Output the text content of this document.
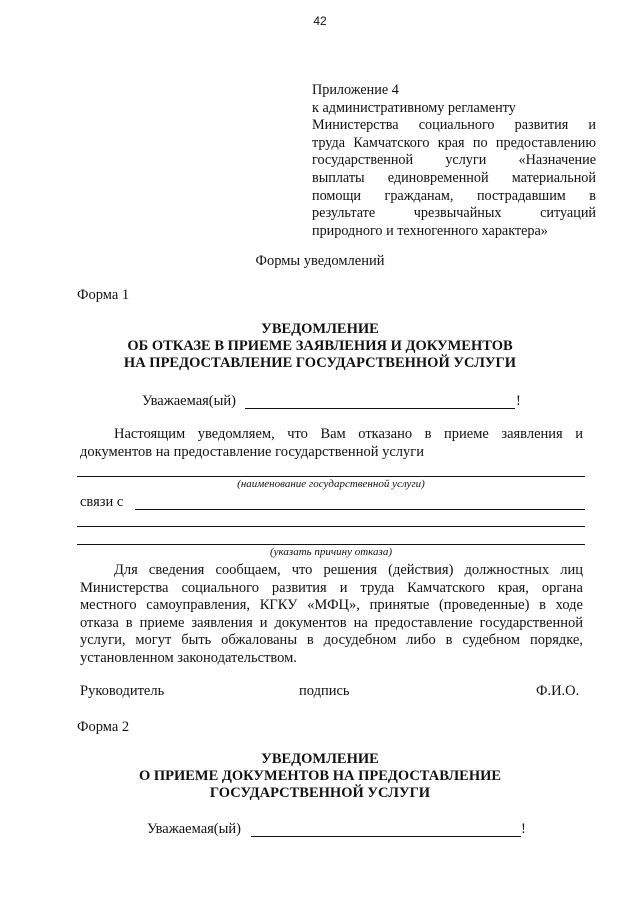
42
Приложение 4
к административному регламенту
Министерства социального развития и
труда Камчатского края по предоставлению
государственной услуги «Назначение
выплаты единовременной материальной
помощи гражданам, пострадавшим в
результате чрезвычайных ситуаций
природного и техногенного характера»
Формы уведомлений
Форма 1
УВЕДОМЛЕНИЕ
ОБ ОТКАЗЕ В ПРИЕМЕ ЗАЯВЛЕНИЯ И ДОКУМЕНТОВ
НА ПРЕДОСТАВЛЕНИЕ ГОСУДАРСТВЕННОЙ УСЛУГИ
Уважаемая(ый)	!
Настоящим уведомляем, что Вам отказано в приеме заявления и
документов на предоставление государственной услуги
(наименование государственной услуги)
связи с
(указать причину отказа)
Для сведения сообщаем, что решения (действия) должностных лиц
Министерства социального развития и труда Камчатского края, органа
местного самоуправления, КГКУ «МФЦ», принятые (проведенные) в ходе
отказа в приеме заявления и документов на предоставление государственной
услуги, могут быть обжалованы в досудебном либо в судебном порядке,
установленном законодательством.
Руководитель	подпись	Ф.И.О.
Форма 2
УВЕДОМЛЕНИЕ
О ПРИЕМЕ ДОКУМЕНТОВ НА ПРЕДОСТАВЛЕНИЕ
ГОСУДАРСТВЕННОЙ УСЛУГИ
Уважаемая(ый)	!
